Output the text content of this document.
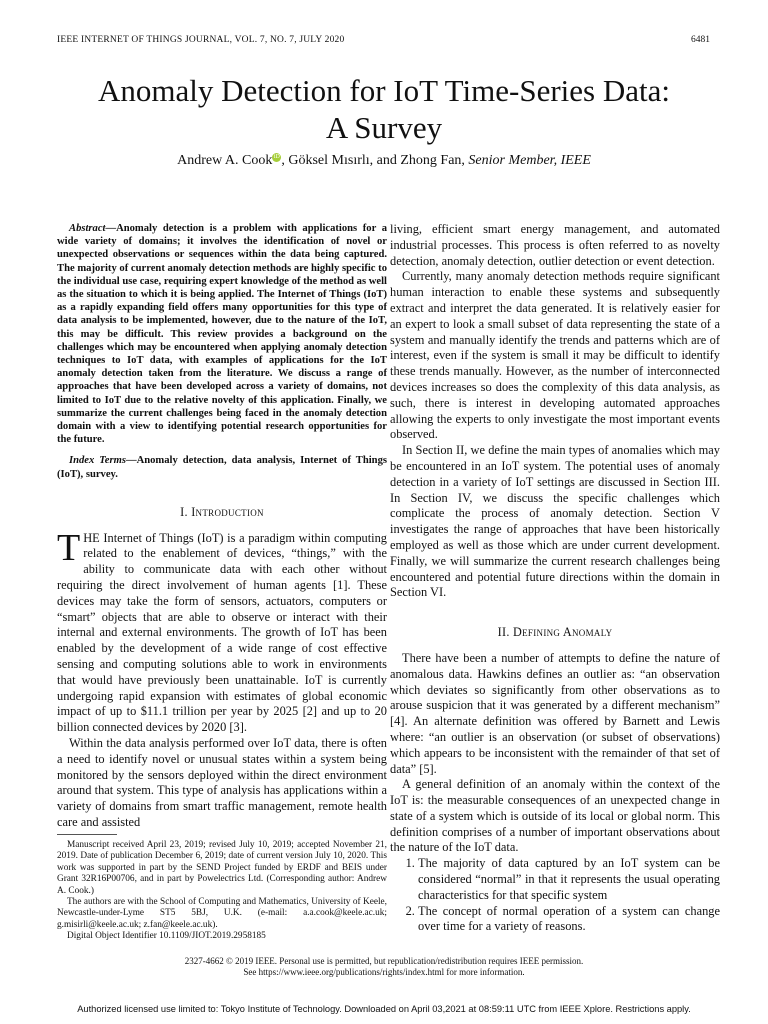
IEEE INTERNET OF THINGS JOURNAL, VOL. 7, NO. 7, JULY 2020	6481
Anomaly Detection for IoT Time-Series Data:
A Survey
Andrew A. Cook iD , Göksel Mısırlı, and Zhong Fan, Senior Member, IEEE

Abstract—Anomaly detection is a problem with applications for a wide variety of domains; it involves the identification of novel or unexpected observations or sequences within the data being captured. The majority of current anomaly detection methods are highly specific to the individual use case, requiring expert knowledge of the method as well as the situation to which it is being applied. The Internet of Things (IoT) as a rapidly expanding field offers many opportunities for this type of data analysis to be implemented, however, due to the nature of the IoT, this may be difficult. This review provides a background on the challenges which may be encountered when applying anomaly detection techniques to IoT data, with examples of applications for the IoT anomaly detection taken from the literature. We discuss a range of approaches that have been developed across a variety of domains, not limited to IoT due to the relative novelty of this application. Finally, we summarize the current challenges being faced in the anomaly detection domain with a view to identifying potential research opportunities for the future.

Index Terms—Anomaly detection, data analysis, Internet of Things (IoT), survey.

I. Introduction

THE Internet of Things (IoT) is a paradigm within computing related to the enablement of devices, “things,” with the ability to communicate data with each other without requiring the direct involvement of human agents [1]. These devices may take the form of sensors, actuators, computers or “smart” objects that are able to observe or interact with their internal and external environments. The growth of IoT has been enabled by the development of a wide range of cost effective sensing and computing solutions able to work in environments that would have previously been unattainable. IoT is currently undergoing rapid expansion with estimates of global economic impact of up to $11.1 trillion per year by 2025 [2] and up to 20 billion connected devices by 2020 [3].

Within the data analysis performed over IoT data, there is often a need to identify novel or unusual states within a system being monitored by the sensors deployed within the direct environment around that system. This type of analysis has applications within a variety of domains from smart traffic management, remote health care and assisted

Manuscript received April 23, 2019; revised July 10, 2019; accepted November 21, 2019. Date of publication December 6, 2019; date of current version July 10, 2020. This work was supported in part by the SEND Project funded by ERDF and BEIS under Grant 32R16P00706, and in part by Powelectrics Ltd. (Corresponding author: Andrew A. Cook.)

The authors are with the School of Computing and Mathematics, University of Keele, Newcastle-under-Lyme ST5 5BJ, U.K. (e-mail: a.a.cook@keele.ac.uk; g.misirli@keele.ac.uk; z.fan@keele.ac.uk).

Digital Object Identifier 10.1109/JIOT.2019.2958185

living, efficient smart energy management, and automated industrial processes. This process is often referred to as novelty detection, anomaly detection, outlier detection or event detection.

Currently, many anomaly detection methods require significant human interaction to enable these systems and subsequently extract and interpret the data generated. It is relatively easier for an expert to look a small subset of data representing the state of a system and manually identify the trends and patterns which are of interest, even if the system is small it may be difficult to identify these trends manually. However, as the number of interconnected devices increases so does the complexity of this data analysis, as such, there is interest in developing automated approaches allowing the experts to only investigate the most important events observed.

In Section II, we define the main types of anomalies which may be encountered in an IoT system. The potential uses of anomaly detection in a variety of IoT settings are discussed in Section III. In Section IV, we discuss the specific challenges which complicate the process of anomaly detection. Section V investigates the range of approaches that have been historically employed as well as those which are under current development. Finally, we will summarize the current research challenges being encountered and potential future directions within the domain in Section VI.

II. Defining Anomaly

There have been a number of attempts to define the nature of anomalous data. Hawkins defines an outlier as: “an observation which deviates so significantly from other observations as to arouse suspicion that it was generated by a different mechanism” [4]. An alternate definition was offered by Barnett and Lewis where: “an outlier is an observation (or subset of observations) which appears to be inconsistent with the remainder of that set of data” [5].

A general definition of an anomaly within the context of the IoT is: the measurable consequences of an unexpected change in state of a system which is outside of its local or global norm. This definition comprises of a number of important observations about the nature of the IoT data.

1. The majority of data captured by an IoT system can be considered “normal” in that it represents the usual operating characteristics for that specific system
2. The concept of normal operation of a system can change over time for a variety of reasons.
2327-4662 © 2019 IEEE. Personal use is permitted, but republication/redistribution requires IEEE permission.
See https://www.ieee.org/publications/rights/index.html for more information.
Authorized licensed use limited to: Tokyo Institute of Technology. Downloaded on April 03,2021 at 08:59:11 UTC from IEEE Xplore. Restrictions apply.
